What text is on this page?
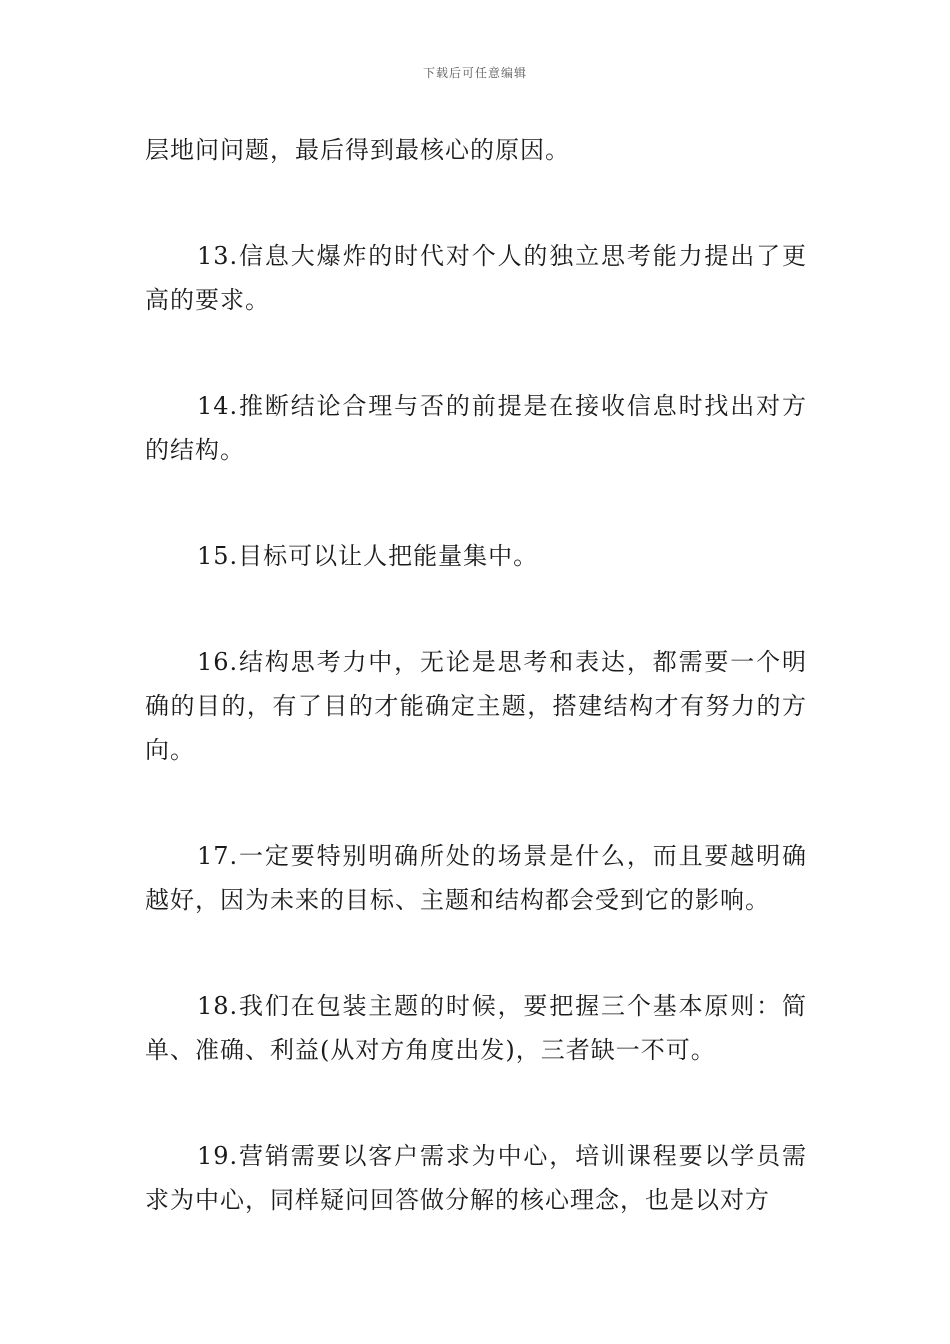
下载后可任意编辑

层地问问题，最后得到最核心的原因。

13.信息大爆炸的时代对个人的独立思考能力提出了更高的要求。

14.推断结论合理与否的前提是在接收信息时找出对方的结构。

15.目标可以让人把能量集中。

16.结构思考力中，无论是思考和表达，都需要一个明确的目的，有了目的才能确定主题，搭建结构才有努力的方向。

17.一定要特别明确所处的场景是什么，而且要越明确越好，因为未来的目标、主题和结构都会受到它的影响。

18.我们在包装主题的时候，要把握三个基本原则：简单、准确、利益(从对方角度出发)，三者缺一不可。

19.营销需要以客户需求为中心，培训课程要以学员需求为中心，同样疑问回答做分解的核心理念，也是以对方
